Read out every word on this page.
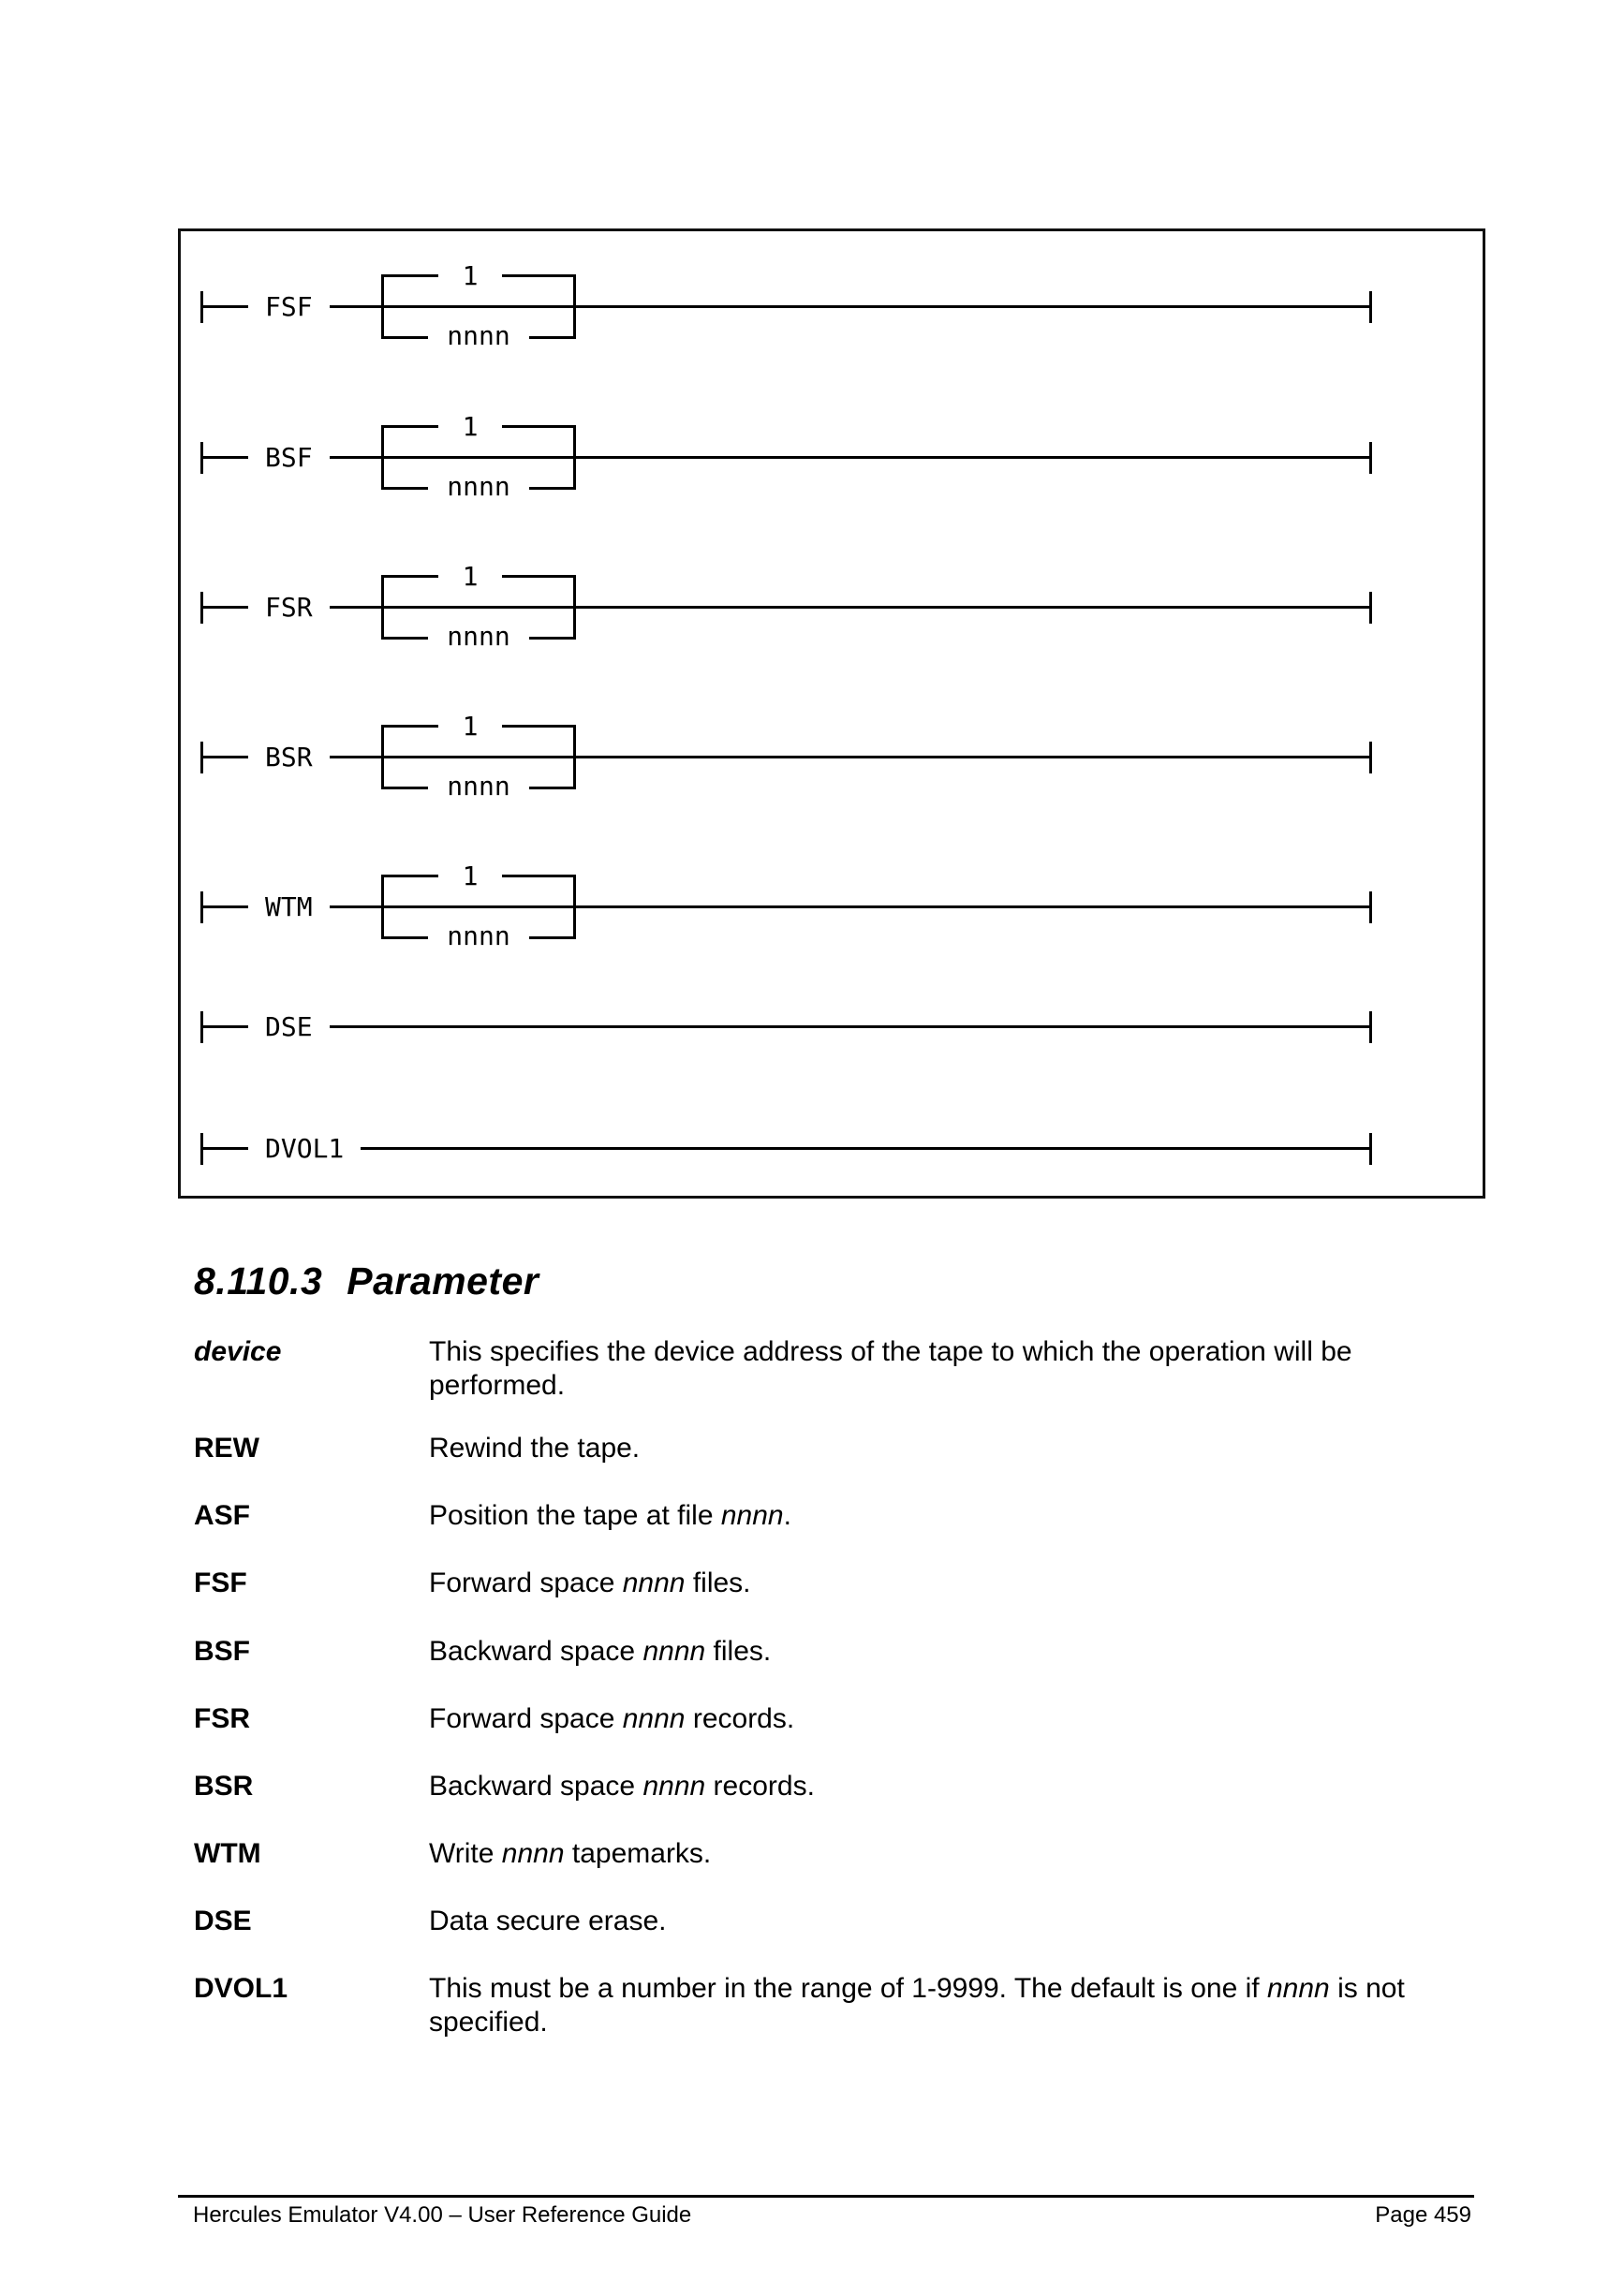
FSF
1
nnnn
BSF
1
nnnn
FSR
1
nnnn
BSR
1
nnnn
WTM
1
nnnn
DSE
DVOL1
8.110.3 Parameter
device	This specifies the device address of the tape to which the operation will be
performed.
REW	Rewind the tape.
ASF	Position the tape at file nnnn.
FSF	Forward space nnnn files.
BSF	Backward space nnnn files.
FSR	Forward space nnnn records.
BSR	Backward space nnnn records.
WTM	Write nnnn tapemarks.
DSE	Data secure erase.
DVOL1	This must be a number in the range of 1-9999. The default is one if nnnn is not
specified.
Hercules Emulator V4.00 – User Reference Guide	Page 459
